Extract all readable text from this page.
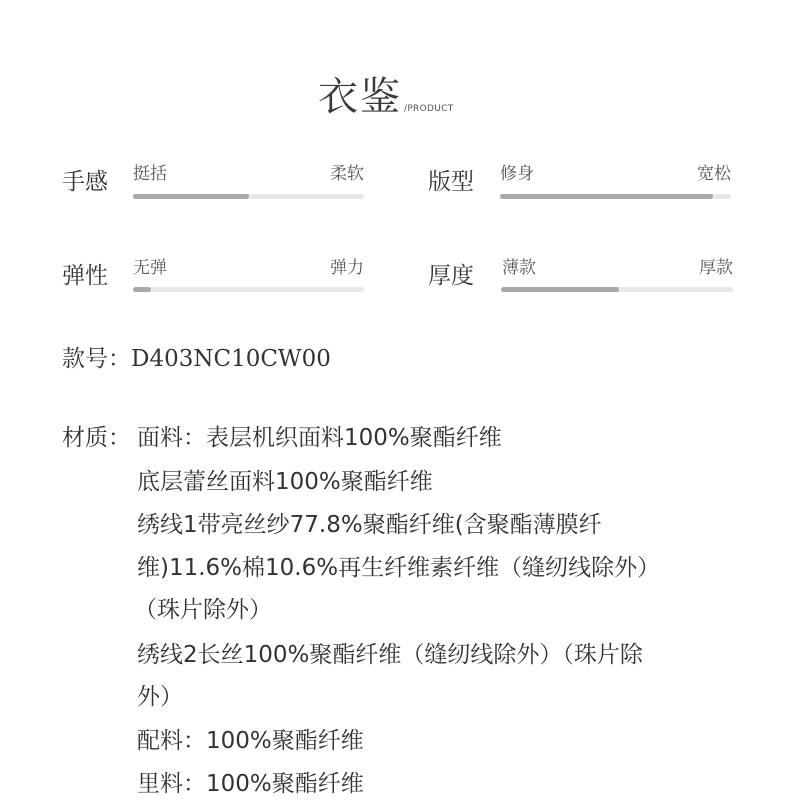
衣鉴 /PRODUCT
手感 挺括	柔软	版型 修身	宽松
弹性 无弹	弹力	厚度 薄款	厚款
款号：D403NC10CW00
材质： 面料：表层机织面料100%聚酯纤维
底层蕾丝面料100%聚酯纤维
绣线1带亮丝纱77.8%聚酯纤维(含聚酯薄膜纤
维)11.6%棉10.6%再生纤维素纤维（缝纫线除外）
（珠片除外）
绣线2长丝100%聚酯纤维（缝纫线除外）（珠片除
外）
配料：100%聚酯纤维
里料：100%聚酯纤维
